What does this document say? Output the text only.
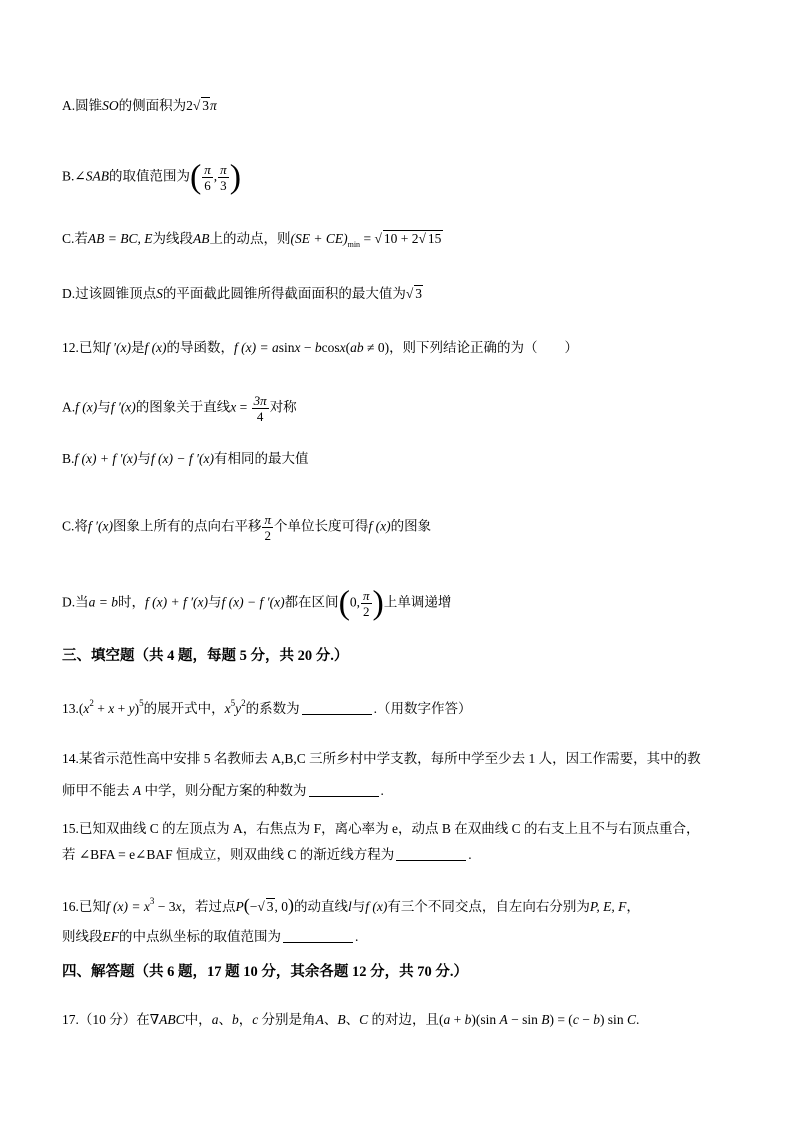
A.圆锥SO的侧面积为2√ 3π
B.∠SAB的取值范围为( $\frac{\pi}{6}$ , $\frac{\pi}{3}$ )
C.若AB = BC, E为线段AB上的动点，则$(SE + CE)_{min}$ = √ 10 + 2√ 15
D.过该圆锥顶点S的平面截此圆锥所得截面面积的最大值为√ 3
12.已知f ′(x)是f (x)的导函数，f (x) = asinx − bcosx(ab ≠ 0)，则下列结论正确的为（　　）
A.f (x)与f ′(x)的图象关于直线$x = \frac{3\pi}{4}$ 对称
B.f (x) + f ′(x)与f (x) − f ′(x)有相同的最大值
C.将f ′(x)图象上所有的点向右平移 $\frac{\pi}{2}$ 个单位长度可得f (x)的图象
D.当a = b时，f (x) + f ′(x)与f (x) − f ′(x)都在区间(0, $\frac{\pi}{2}$ )上单调递增
三、填空题（共 4 题，每题 5 分，共 20 分.）
$13.(x^2 + x + y)^5$的展开式中，$x^5y^2$的系数为	.（用数字作答）
14.某省示范性高中安排 5 名教师去 A,B,C 三所乡村中学支教，每所中学至少去 1 人，因工作需要，其中的教
师甲不能去 A 中学，则分配方案的种数为	.
15.已知双曲线 C 的左顶点为 A，右焦点为 F，离心率为 e，动点 B 在双曲线 C 的右支上且不与右顶点重合，
若 ∠BFA = e∠BAF 恒成立，则双曲线 C 的渐近线方程为	.
16.已知f $(x) = x^3 - 3x$，若过点P(−√ 3, 0)的动直线l与f (x)有三个不同交点，自左向右分别为P, E, F，
则线段EF的中点纵坐标的取值范围为	.
四、解答题（共 6 题，17 题 10 分，其余各题 12 分，共 70 分.）
17.（10 分）在∇ABC中，a、b，c 分别是角A、B、C 的对边，且(a + b)(sin A − sin B) = (c − b) sin C.
